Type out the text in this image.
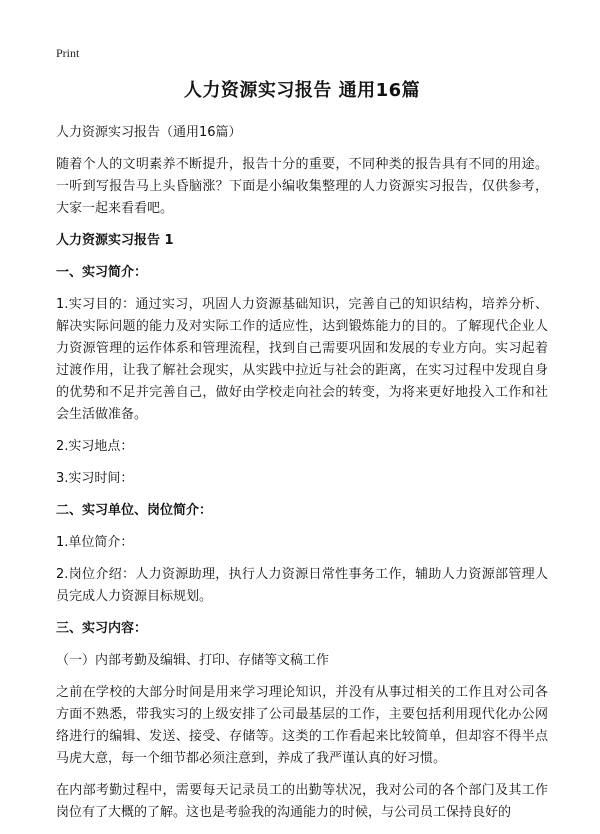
Print
人力资源实习报告 通用16篇

人力资源实习报告（通用16篇）

随着个人的文明素养不断提升，报告十分的重要，不同种类的报告具有不同的用途。一听到写报告马上头昏脑涨？下面是小编收集整理的人力资源实习报告，仅供参考，大家一起来看看吧。

人力资源实习报告 1

一、实习简介：

1.实习目的：通过实习，巩固人力资源基础知识，完善自己的知识结构，培养分析、解决实际问题的能力及对实际工作的适应性，达到锻炼能力的目的。了解现代企业人力资源管理的运作体系和管理流程，找到自己需要巩固和发展的专业方向。实习起着过渡作用，让我了解社会现实，从实践中拉近与社会的距离，在实习过程中发现自身的优势和不足并完善自己，做好由学校走向社会的转变，为将来更好地投入工作和社会生活做准备。

2.实习地点：

3.实习时间：

二、实习单位、岗位简介：

1.单位简介：

2.岗位介绍：人力资源助理，执行人力资源日常性事务工作，辅助人力资源部管理人员完成人力资源目标规划。

三、实习内容：

（一）内部考勤及编辑、打印、存储等文稿工作

之前在学校的大部分时间是用来学习理论知识，并没有从事过相关的工作且对公司各方面不熟悉，带我实习的上级安排了公司最基层的工作，主要包括利用现代化办公网络进行的编辑、发送、接受、存储等。这类的工作看起来比较简单，但却容不得半点马虎大意，每一个细节都必须注意到，养成了我严谨认真的好习惯。

在内部考勤过程中，需要每天记录员工的出勤等状况，我对公司的各个部门及其工作岗位有了大概的了解。这也是考验我的沟通能力的时候，与公司员工保持良好的
